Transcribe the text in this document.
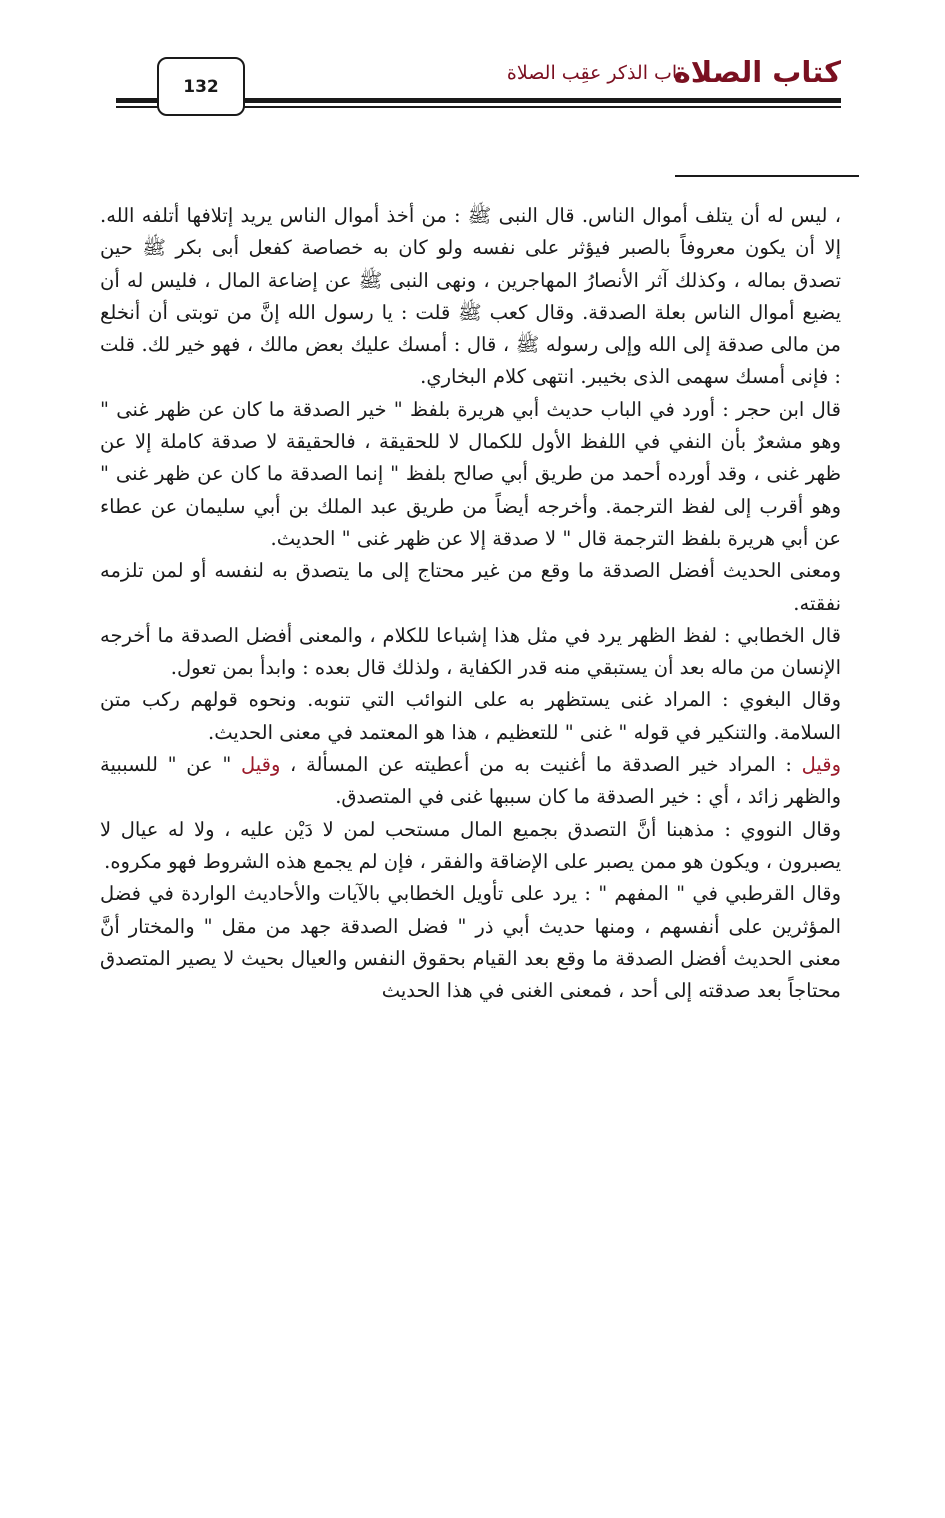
كتاب الصلاة
باب الذكر عقِب الصلاة
132

، ليس له أن يتلف أموال الناس. قال النبى ﷺ : من أخذ أموال الناس يريد إتلافها أتلفه الله. إلا أن يكون معروفاً بالصبر فيؤثر على نفسه ولو كان به خصاصة كفعل أبى بكر ﷺ حين تصدق بماله ، وكذلك آثر الأنصارُ المهاجرين ، ونهى النبى ﷺ عن إضاعة المال ، فليس له أن يضيع أموال الناس بعلة الصدقة. وقال كعب ﷺ قلت : يا رسول الله إنَّ من توبتى أن أنخلع من مالى صدقة إلى الله وإلى رسوله ﷺ ، قال : أمسك عليك بعض مالك ، فهو خير لك. قلت : فإنى أمسك سهمى الذى بخيبر. انتهى كلام البخاري.

قال ابن حجر : أورد في الباب حديث أبي هريرة بلفظ " خير الصدقة ما كان عن ظهر غنى " وهو مشعرٌ بأن النفي في اللفظ الأول للكمال لا للحقيقة ، فالحقيقة لا صدقة كاملة إلا عن ظهر غنى ، وقد أورده أحمد من طريق أبي صالح بلفظ " إنما الصدقة ما كان عن ظهر غنى " وهو أقرب إلى لفظ الترجمة. وأخرجه أيضاً من طريق عبد الملك بن أبي سليمان عن عطاء عن أبي هريرة بلفظ الترجمة قال " لا صدقة إلا عن ظهر غنى " الحديث.

ومعنى الحديث أفضل الصدقة ما وقع من غير محتاج إلى ما يتصدق به لنفسه أو لمن تلزمه نفقته.

قال الخطابي : لفظ الظهر يرد في مثل هذا إشباعا للكلام ، والمعنى أفضل الصدقة ما أخرجه الإنسان من ماله بعد أن يستبقي منه قدر الكفاية ، ولذلك قال بعده : وابدأ بمن تعول.

وقال البغوي : المراد غنى يستظهر به على النوائب التي تنوبه. ونحوه قولهم ركب متن السلامة. والتنكير في قوله " غنى " للتعظيم ، هذا هو المعتمد في معنى الحديث.

وقيل : المراد خير الصدقة ما أغنيت به من أعطيته عن المسألة ، وقيل " عن " للسببية والظهر زائد ، أي : خير الصدقة ما كان سببها غنى في المتصدق.

وقال النووي : مذهبنا أنَّ التصدق بجميع المال مستحب لمن لا دَيْن عليه ، ولا له عيال لا يصبرون ، ويكون هو ممن يصبر على الإضاقة والفقر ، فإن لم يجمع هذه الشروط فهو مكروه.

وقال القرطبي في " المفهم " : يرد على تأويل الخطابي بالآيات والأحاديث الواردة في فضل المؤثرين على أنفسهم ، ومنها حديث أبي ذر " فضل الصدقة جهد من مقل " والمختار أنَّ معنى الحديث أفضل الصدقة ما وقع بعد القيام بحقوق النفس والعيال بحيث لا يصير المتصدق محتاجاً بعد صدقته إلى أحد ، فمعنى الغنى في هذا الحديث
